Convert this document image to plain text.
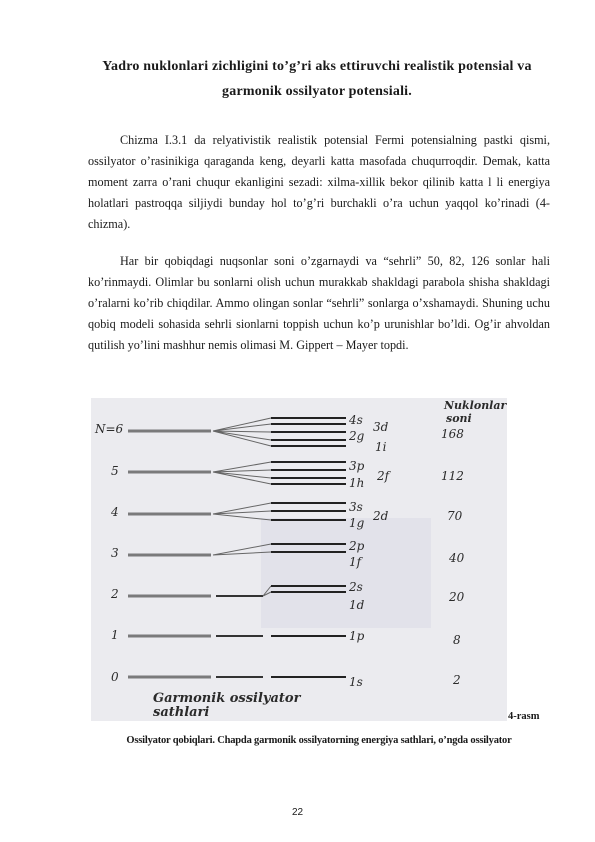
Yadro nuklonlari zichligini to’g’ri aks ettiruvchi realistik potensial va garmonik ossilyator potensiali.

Chizma I.3.1 da relyativistik realistik potensial Fermi potensialning pastki qismi, ossilyator o’rasinikiga qaraganda keng, deyarli katta masofada chuqurroqdir. Demak, katta moment zarra o’rani chuqur ekanligini sezadi: xilma-xillik bekor qilinib katta l li energiya holatlari pastroqqa siljiydi bunday hol to’g’ri burchakli o’ra uchun yaqqol ko’rinadi (4-chizma).

Har bir qobiqdagi nuqsonlar soni o’zgarnaydi va “sehrli” 50, 82, 126 sonlar hali ko’rinmaydi. Olimlar bu sonlarni olish uchun murakkab shakldagi parabola shisha shakldagi o’ralarni ko’rib chiqdilar. Ammo olingan sonlar “sehrli” sonlarga o’xshamaydi. Shuning uchu qobiq modeli sohasida sehrli sionlarni toppish uchun ko’p urunishlar bo’ldi. Og’ir ahvoldan qutilish yo’lini mashhur nemis olimasi M. Gippert – Mayer topdi.

N=6
5
4
3
2
1
0
4s 3d
2g
1i
3p
2f
1h
3s
2d
1g
2p
1f
2s
1d
1p
1s
Nuklonlar
soni
168
112
70
40
20
8
2
Garmonik ossilyator
sathlari	4-rasm
Ossilyator qobiqlari. Chapda garmonik ossilyatorning energiya sathlari, o’ngda ossilyator
22
